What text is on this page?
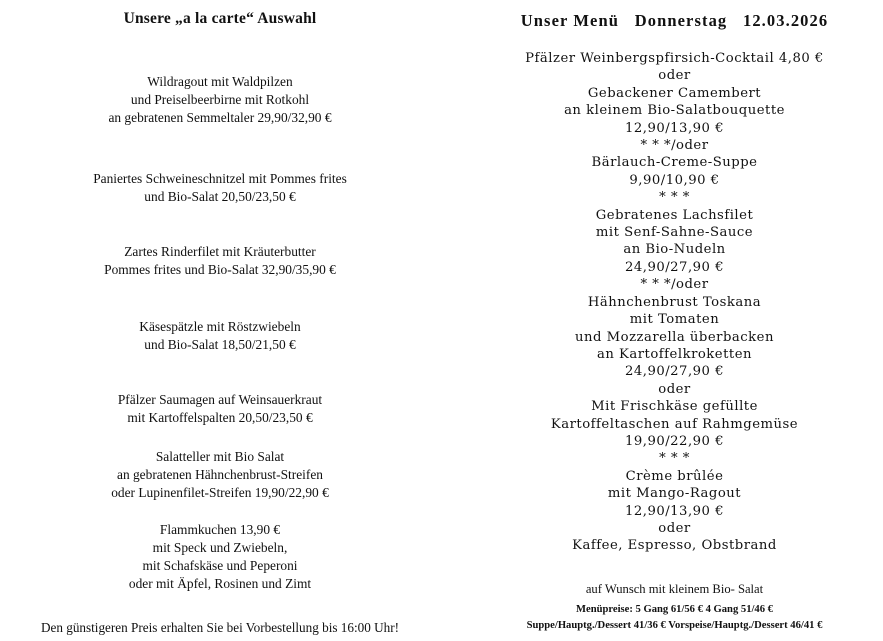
Unsere „a la carte“ Auswahl
Wildragout mit Waldpilzen
und Preiselbeerbirne mit Rotkohl
an gebratenen Semmeltaler 29,90/32,90 €
Paniertes Schweineschnitzel mit Pommes frites
und Bio-Salat 20,50/23,50 €
Zartes Rinderfilet mit Kräuterbutter
Pommes frites und Bio-Salat 32,90/35,90 €
Käsespätzle mit Röstzwiebeln
und Bio-Salat 18,50/21,50 €
Pfälzer Saumagen auf Weinsauerkraut
mit Kartoffelspalten 20,50/23,50 €
Salatteller mit Bio Salat
an gebratenen Hähnchenbrust-Streifen
oder Lupinenfilet-Streifen 19,90/22,90 €
Flammkuchen 13,90 €
mit Speck und Zwiebeln,
mit Schafskäse und Peperoni
oder mit Äpfel, Rosinen und Zimt
Den günstigeren Preis erhalten Sie bei Vorbestellung bis 16:00 Uhr!
Unser Menü Donnerstag 12.03.2026
Pfälzer Weinbergspfirsich-Cocktail 4,80 €
oder
Gebackener Camembert
an kleinem Bio-Salatbouquette
12,90/13,90 €
* * */oder
Bärlauch-Creme-Suppe
9,90/10,90 €
* * *
Gebratenes Lachsfilet
mit Senf-Sahne-Sauce
an Bio-Nudeln
24,90/27,90 €
* * */oder
Hähnchenbrust Toskana
mit Tomaten
und Mozzarella überbacken
an Kartoffelkroketten
24,90/27,90 €
oder
Mit Frischkäse gefüllte
Kartoffeltaschen auf Rahmgemüse
19,90/22,90 €
* * *
Crème brûlée
mit Mango-Ragout
12,90/13,90 €
oder
Kaffee, Espresso, Obstbrand
auf Wunsch mit kleinem Bio- Salat
Menüpreise: 5 Gang 61/56 € 4 Gang 51/46 €
Suppe/Hauptg./Dessert 41/36 € Vorspeise/Hauptg./Dessert 46/41 €
